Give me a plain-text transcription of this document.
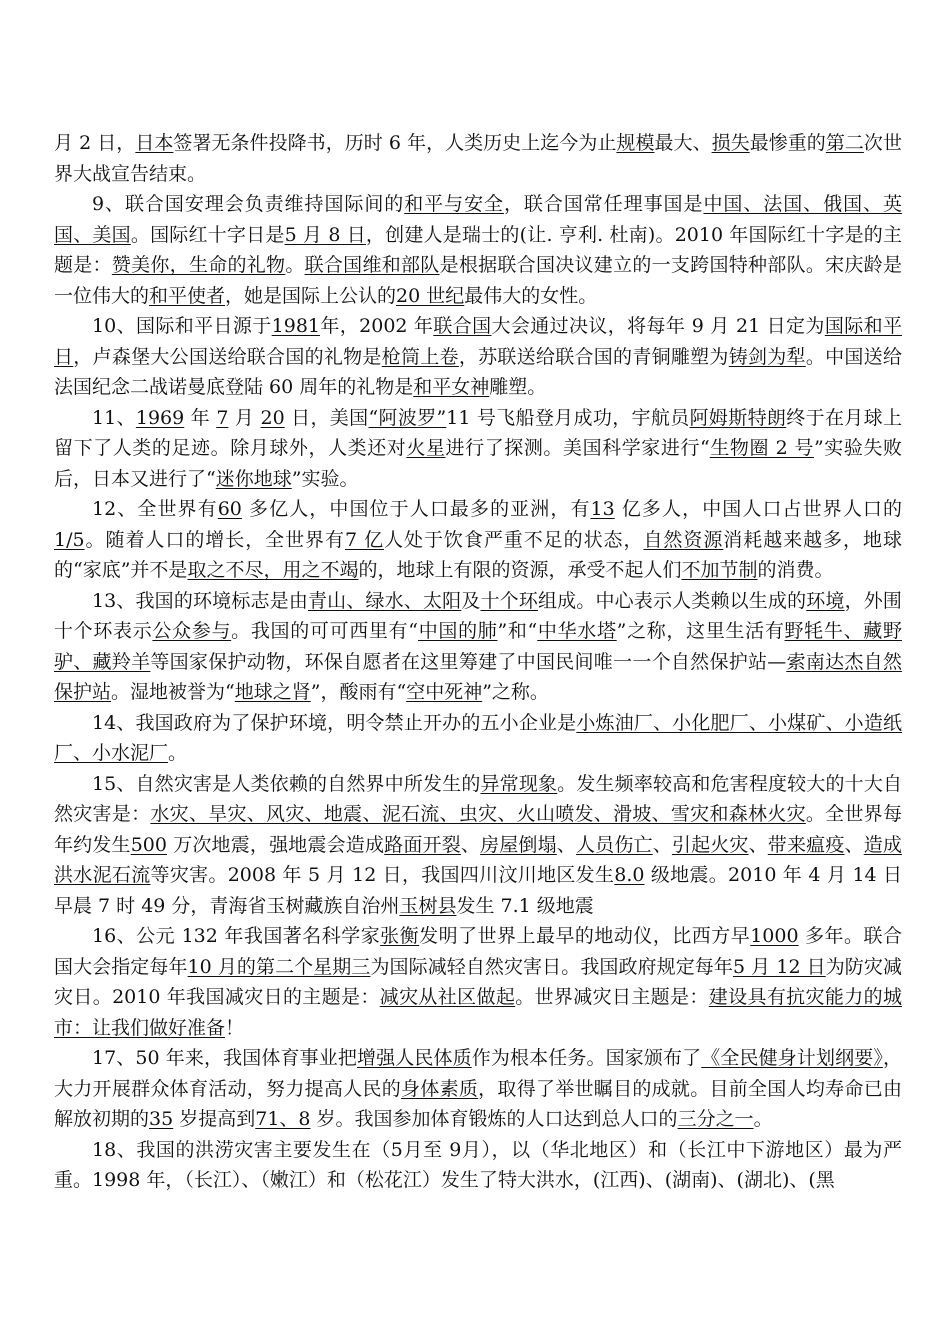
月 2 日，日本签署无条件投降书，历时 6 年，人类历史上迄今为止规模最大、损失最惨重的第二次世界大战宣告结束。

9、联合国安理会负责维持国际间的和平与安全，联合国常任理事国是中国、法国、俄国、英国、美国。国际红十字日是5 月 8 日，创建人是瑞士的(让. 亨利. 杜南)。2010 年国际红十字是的主题是：赞美你，生命的礼物。联合国维和部队是根据联合国决议建立的一支跨国特种部队。宋庆龄是一位伟大的和平使者，她是国际上公认的20 世纪最伟大的女性。

10、国际和平日源于1981年，2002 年联合国大会通过决议，将每年 9 月 21 日定为国际和平日，卢森堡大公国送给联合国的礼物是枪筒上卷，苏联送给联合国的青铜雕塑为铸剑为犁。中国送给法国纪念二战诺曼底登陆 60 周年的礼物是和平女神雕塑。

11、1969 年 7 月 20 日，美国“阿波罗”11 号飞船登月成功，宇航员阿姆斯特朗终于在月球上留下了人类的足迹。除月球外，人类还对火星进行了探测。美国科学家进行“生物圈 2 号”实验失败后，日本又进行了“迷你地球”实验。

12、全世界有60 多亿人，中国位于人口最多的亚洲，有13 亿多人，中国人口占世界人口的1/5。随着人口的增长，全世界有7 亿人处于饮食严重不足的状态，自然资源消耗越来越多，地球的“家底”并不是取之不尽，用之不竭的，地球上有限的资源，承受不起人们不加节制的消费。

13、我国的环境标志是由青山、绿水、太阳及十个环组成。中心表示人类赖以生成的环境，外围十个环表示公众参与。我国的可可西里有“中国的肺”和“中华水塔”之称，这里生活有野牦牛、藏野驴、藏羚羊等国家保护动物，环保自愿者在这里筹建了中国民间唯一一个自然保护站—索南达杰自然保护站。湿地被誉为“地球之肾”，酸雨有“空中死神”之称。

14、我国政府为了保护环境，明令禁止开办的五小企业是小炼油厂、小化肥厂、小煤矿、小造纸厂、小水泥厂。

15、自然灾害是人类依赖的自然界中所发生的异常现象。发生频率较高和危害程度较大的十大自然灾害是：水灾、旱灾、风灾、地震、泥石流、虫灾、火山喷发、滑坡、雪灾和森林火灾。全世界每年约发生500 万次地震，强地震会造成路面开裂、房屋倒塌、人员伤亡、引起火灾、带来瘟疫、造成洪水泥石流等灾害。2008 年 5 月 12 日，我国四川汶川地区发生8.0 级地震。2010 年 4 月 14 日早晨 7 时 49 分，青海省玉树藏族自治州玉树县发生 7.1 级地震

16、公元 132 年我国著名科学家张衡发明了世界上最早的地动仪，比西方早1000 多年。联合国大会指定每年10 月的第二个星期三为国际减轻自然灾害日。我国政府规定每年5 月 12 日为防灾减灾日。2010 年我国减灾日的主题是：减灾从社区做起。世界减灾日主题是：建设具有抗灾能力的城市：让我们做好准备！

17、50 年来，我国体育事业把增强人民体质作为根本任务。国家颁布了《全民健身计划纲要》，大力开展群众体育活动，努力提高人民的身体素质，取得了举世瞩目的成就。目前全国人均寿命已由解放初期的35 岁提高到71、8 岁。我国参加体育锻炼的人口达到总人口的三分之一。

18、我国的洪涝灾害主要发生在（5月至 9月），以（华北地区）和（长江中下游地区）最为严重。1998 年，（长江）、（嫩江）和（松花江）发生了特大洪水，(江西)、(湖南)、(湖北)、(黑
